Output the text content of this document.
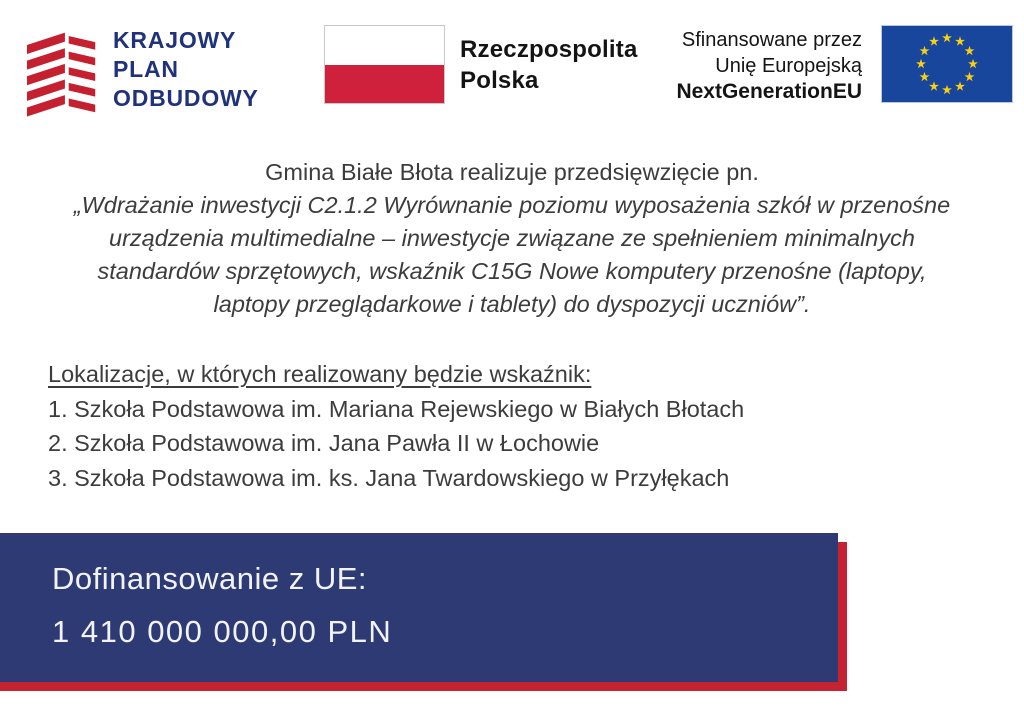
KRAJOWY
PLAN
ODBUDOWY
Rzeczpospolita
Polska
Sfinansowane przez
Unię Europejską
NextGenerationEU
Gmina Białe Błota realizuje przedsięwzięcie pn.
„Wdrażanie inwestycji C2.1.2 Wyrównanie poziomu wyposażenia szkół w przenośne
urządzenia multimedialne – inwestycje związane ze spełnieniem minimalnych
standardów sprzętowych, wskaźnik C15G Nowe komputery przenośne (laptopy,
laptopy przeglądarkowe i tablety) do dyspozycji uczniów”.
Lokalizacje, w których realizowany będzie wskaźnik:
1. Szkoła Podstawowa im. Mariana Rejewskiego w Białych Błotach
2. Szkoła Podstawowa im. Jana Pawła II w Łochowie
3. Szkoła Podstawowa im. ks. Jana Twardowskiego w Przyłękach
Dofinansowanie z UE:
1 410 000 000,00 PLN
